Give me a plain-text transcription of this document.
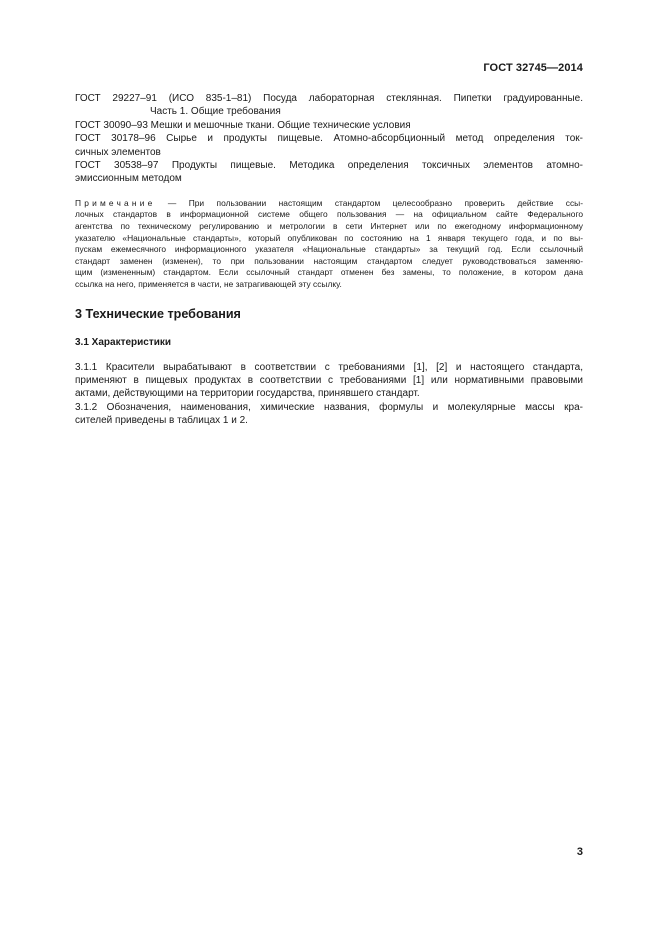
ГОСТ 32745—2014
ГОСТ 29227–91 (ИСО 835-1–81) Посуда лабораторная стеклянная. Пипетки градуированные.
Часть 1. Общие требования
ГОСТ 30090–93 Мешки и мешочные ткани. Общие технические условия
ГОСТ 30178–96 Сырье и продукты пищевые. Атомно-абсорбционный метод определения ток-
сичных элементов
ГОСТ 30538–97 Продукты пищевые. Методика определения токсичных элементов атомно-
эмиссионным методом
Примечание — При пользовании настоящим стандартом целесообразно проверить действие ссы-
лочных стандартов в информационной системе общего пользования — на официальном сайте Федерального
агентства по техническому регулированию и метрологии в сети Интернет или по ежегодному информационному
указателю «Национальные стандарты», который опубликован по состоянию на 1 января текущего года, и по вы-
пускам ежемесячного информационного указателя «Национальные стандарты» за текущий год. Если ссылочный
стандарт заменен (изменен), то при пользовании настоящим стандартом следует руководствоваться заменяю-
щим (измененным) стандартом. Если ссылочный стандарт отменен без замены, то положение, в котором дана
ссылка на него, применяется в части, не затрагивающей эту ссылку.
3 Технические требования
3.1 Характеристики
3.1.1 Красители вырабатывают в соответствии с требованиями [1], [2] и настоящего стандарта,
применяют в пищевых продуктах в соответствии с требованиями [1] или нормативными правовыми
актами, действующими на территории государства, принявшего стандарт.
3.1.2 Обозначения, наименования, химические названия, формулы и молекулярные массы кра-
сителей приведены в таблицах 1 и 2.
3
